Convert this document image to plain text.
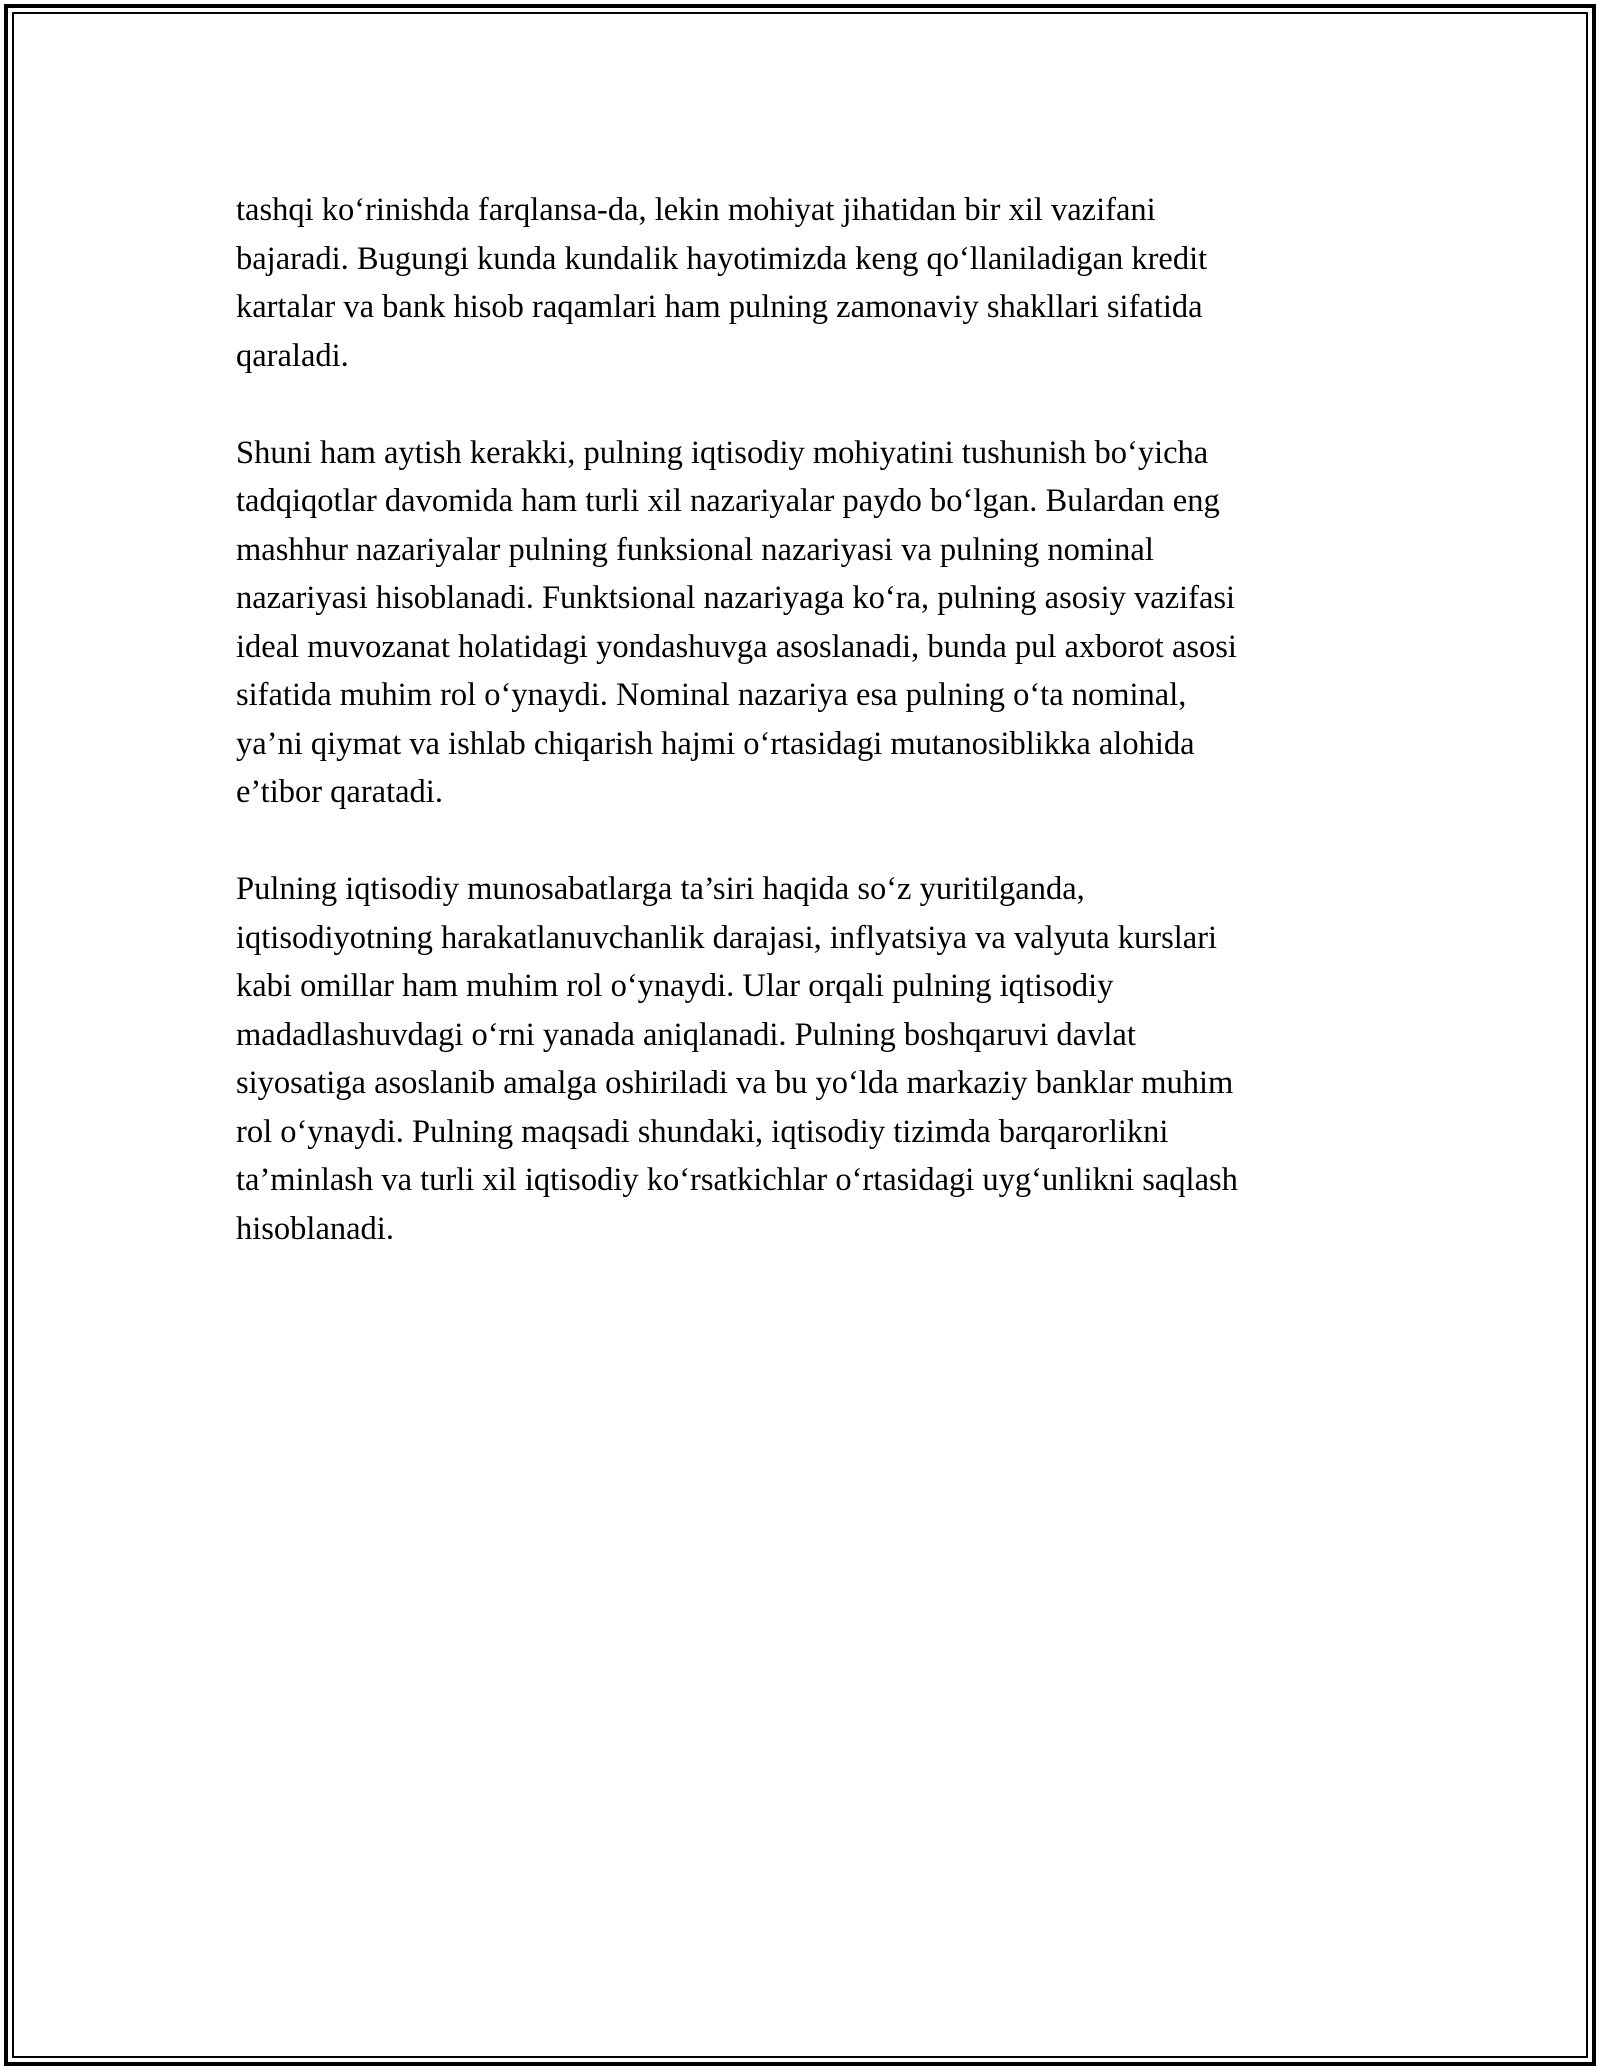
tashqi koʻrinishda farqlansa-da, lekin mohiyat jihatidan bir xil vazifani
bajaradi. Bugungi kunda kundalik hayotimizda keng qoʻllaniladigan kredit
kartalar va bank hisob raqamlari ham pulning zamonaviy shakllari sifatida
qaraladi.

Shuni ham aytish kerakki, pulning iqtisodiy mohiyatini tushunish boʻyicha
tadqiqotlar davomida ham turli xil nazariyalar paydo boʻlgan. Bulardan eng
mashhur nazariyalar pulning funksional nazariyasi va pulning nominal
nazariyasi hisoblanadi. Funktsional nazariyaga koʻra, pulning asosiy vazifasi
ideal muvozanat holatidagi yondashuvga asoslanadi, bunda pul axborot asosi
sifatida muhim rol oʻynaydi. Nominal nazariya esa pulning oʻta nominal,
ya’ni qiymat va ishlab chiqarish hajmi oʻrtasidagi mutanosiblikka alohida
e’tibor qaratadi.

Pulning iqtisodiy munosabatlarga ta’siri haqida soʻz yuritilganda,
iqtisodiyotning harakatlanuvchanlik darajasi, inflyatsiya va valyuta kurslari
kabi omillar ham muhim rol oʻynaydi. Ular orqali pulning iqtisodiy
madadlashuvdagi oʻrni yanada aniqlanadi. Pulning boshqaruvi davlat
siyosatiga asoslanib amalga oshiriladi va bu yoʻlda markaziy banklar muhim
rol oʻynaydi. Pulning maqsadi shundaki, iqtisodiy tizimda barqarorlikni
ta’minlash va turli xil iqtisodiy koʻrsatkichlar oʻrtasidagi uygʻunlikni saqlash
hisoblanadi.
